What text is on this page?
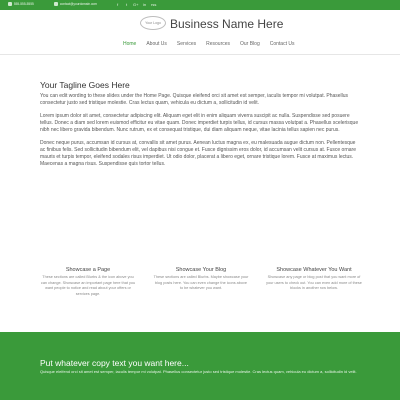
555-555-5555	contact@yourdomain.com	f	t	G+ in rss
Your Logo Business Name Here
Home	About Us	Services	Resources	Our Blog	Contact Us
Your Tagline Goes Here

You can edit wording to these slides under the Home Page. Quisque eleifend orci sit amet est semper, iaculis tempor mi volutpat. Phasellus consectetur justo sed tristique molestie. Cras lectus quam, vehicula eu dictum a, sollicitudin id velit.

Lorem ipsum dolor sit amet, consectetur adipiscing elit. Aliquam eget elit in enim aliquam viverra suscipit ac nulla. Suspendisse sed posuere tellus. Donec a diam sed lorem euismod efficitur eu vitae quam. Donec imperdiet turpis tellus, id cursus massa volutpat a. Phasellus scelerisque nibh nec libero gravida bibendum. Nunc rutrum, ex et consequat tristique, dui diam aliquam neque, vitae lacinia tellus sapien nec purus.

Donec neque purus, accumsan id cursus at, convallis sit amet purus. Aenean luctus magna ex, eu malesuada augue dictum non. Pellentesque ac finibus felis. Sed sollicitudin bibendum elit, vel dapibus nisi congue et. Fusce dignissim eros dolor, id accumsan velit cursus at. Fusce ornare mauris et turpis tempor, eleifend sodales risus imperdiet. Ut odio dolor, placerat a libero eget, ornare tristique lorem. Fusce at maximus lectus. Maecenas a magna risus. Suspendisse quis tortor tellus.

Showcase a Page
These sections are called Blurbs & the icon above you can change. Showcase an important page here that you want people to notice and read about your offers or services page.
Showcase Your Blog
These sections are called Blurbs. Maybe showcase your blog posts here. You can even change the icons above to be whatever you want.
Showcase Whatever You Want
Showcase any page or blog post that you want more of your users to check out. You can even add more of these blocks in another row below.
Put whatever copy text you want here...
Quisque eleifend orci sit amet est semper, iaculis tempor mi volutpat. Phasellus consectetur justo sed tristique molestie. Cras lectus quam, vehicula eu dictum a, sollicitudin id velit.
